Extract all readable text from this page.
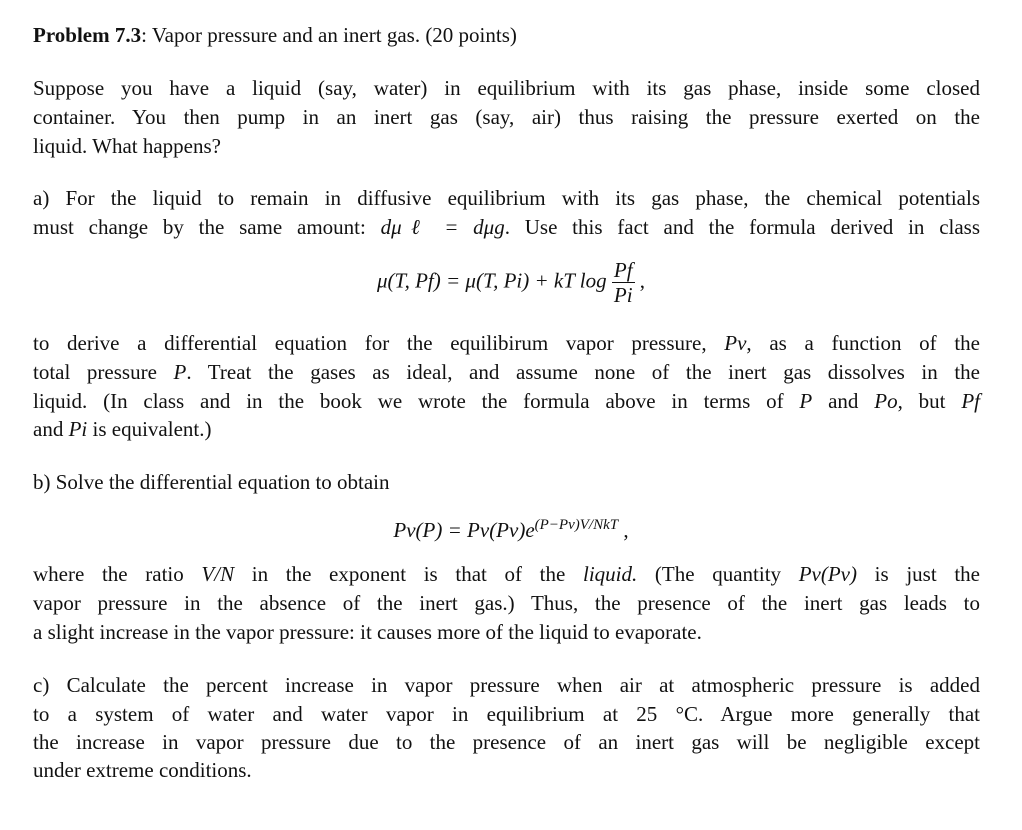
Problem 7.3: Vapor pressure and an inert gas. (20 points)

Suppose you have a liquid (say, water) in equilibrium with its gas phase, inside some closed

container. You then pump in an inert gas (say, air) thus raising the pressure exerted on the

liquid. What happens?

a) For the liquid to remain in diffusive equilibrium with its gas phase, the chemical potentials

must change by the same amount: dμℓ = dμg. Use this fact and the formula derived in class

μ(T, Pf) = μ(T, Pi) + kT $\log \frac{Pf}{Pi}$ ,

to derive a differential equation for the equilibirum vapor pressure, Pv, as a function of the

total pressure P. Treat the gases as ideal, and assume none of the inert gas dissolves in the

liquid. (In class and in the book we wrote the formula above in terms of P and Po, but Pf

and Pi is equivalent.)

b) Solve the differential equation to obtain

$Pv(P) = Pv(Pv)e^{(P-Pv)V/NkT}$ ,

where the ratio V/N in the exponent is that of the liquid. (The quantity Pv(Pv) is just the

vapor pressure in the absence of the inert gas.) Thus, the presence of the inert gas leads to

a slight increase in the vapor pressure: it causes more of the liquid to evaporate.

c) Calculate the percent increase in vapor pressure when air at atmospheric pressure is added

to a system of water and water vapor in equilibrium at 25 °C. Argue more generally that

the increase in vapor pressure due to the presence of an inert gas will be negligible except

under extreme conditions.
